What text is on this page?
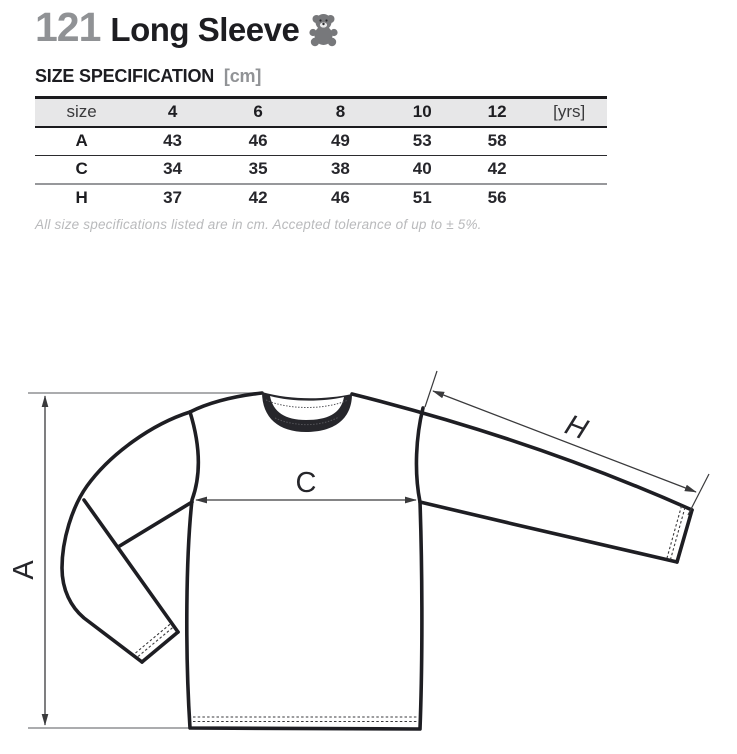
121 Long Sleeve
SIZE SPECIFICATION [cm]
size	4	6	8	10	12	[yrs]
A	43	46	49	53	58	
C	34	35	38	40	42	
H	37	42	46	51	56	
All size specifications listed are in cm. Accepted tolerance of up to ± 5%.
A
C
H
